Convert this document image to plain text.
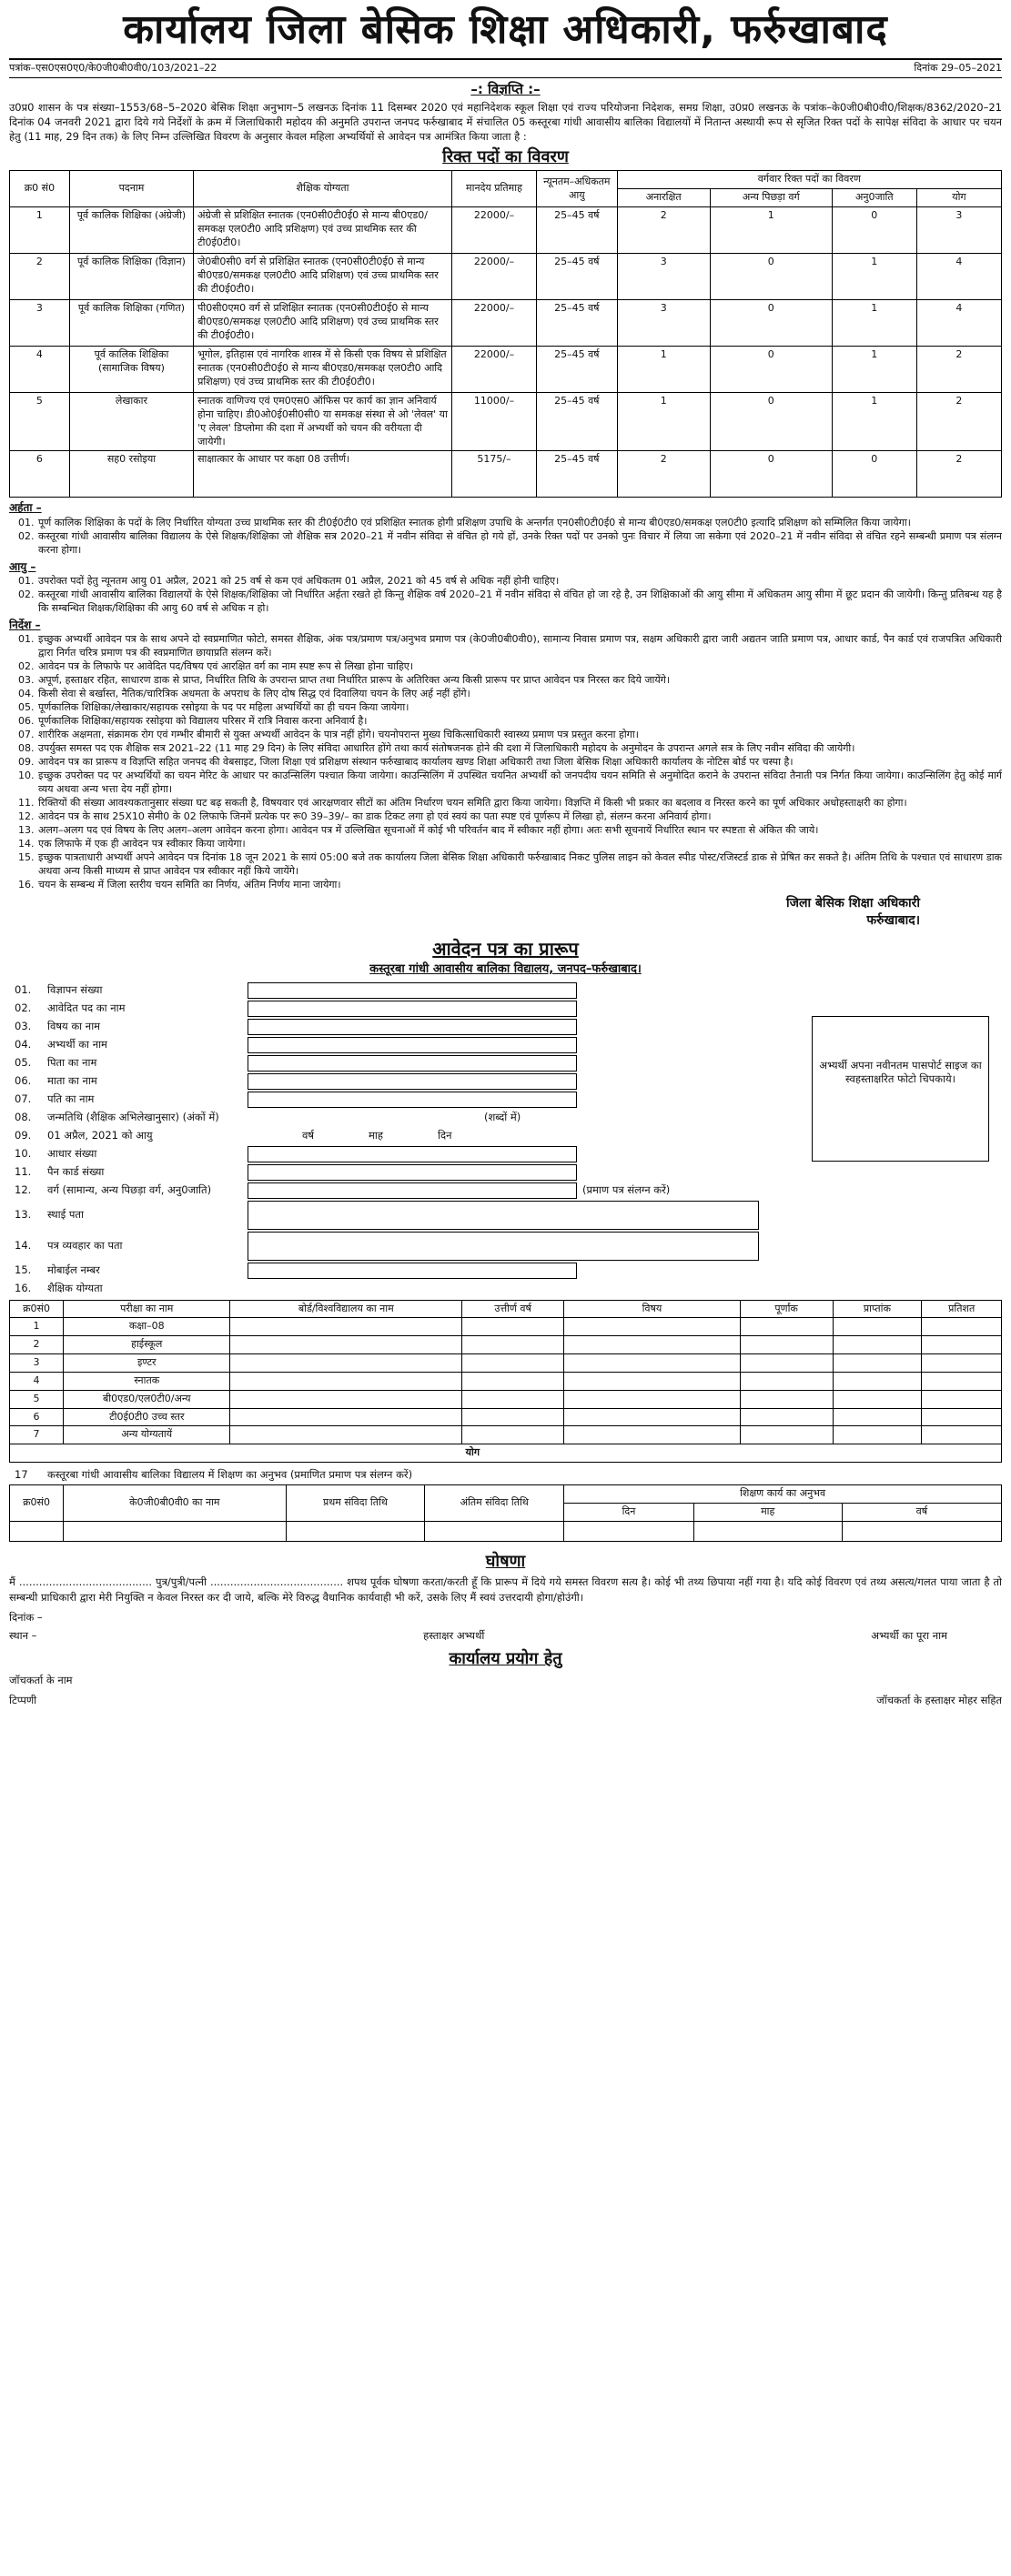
कार्यालय जिला बेसिक शिक्षा अधिकारी, फर्रुखाबाद
पत्रांक–एस0एस0ए0/के0जी0बी0वी0/103/2021–22	दिनांक 29–05–2021
–: विज्ञप्ति :–

उ0प्र0 शासन के पत्र संख्या–1553/68–5–2020 बेसिक शिक्षा अनुभाग–5 लखनऊ दिनांक 11 दिसम्बर 2020 एवं महानिदेशक स्कूल शिक्षा एवं राज्य परियोजना निदेशक, समग्र शिक्षा, उ0प्र0 लखनऊ के पत्रांक–के0जी0बी0वी0/शिक्षक/8362/2020–21 दिनांक 04 जनवरी 2021 द्वारा दिये गये निर्देशों के क्रम में जिलाधिकारी महोदय की अनुमति उपरान्त जनपद फर्रुखाबाद में संचालित 05 कस्तूरबा गांधी आवासीय बालिका विद्यालयों में नितान्त अस्थायी रूप से सृजित रिक्त पदों के सापेक्ष संविदा के आधार पर चयन हेतु (11 माह, 29 दिन तक) के लिए निम्न उल्लिखित विवरण के अनुसार केवल महिला अभ्यर्थियों से आवेदन पत्र आमंत्रित किया जाता है :

रिक्त पदों का विवरण
क्र0 सं0	पदनाम	शैक्षिक योग्यता	मानदेय प्रतिमाह	न्यूनतम–अधिकतम आयु	वर्गवार रिक्त पदों का विवरण			
					अनारक्षित	अन्य पिछड़ा वर्ग	अनु0जाति	योग
1	पूर्व कालिक शिक्षिका (अंग्रेजी)	अंग्रेजी से प्रशिक्षित स्नातक (एन0सी0टी0ई0 से मान्य बी0एड0/समकक्ष एल0टी0 आदि प्रशिक्षण) एवं उच्च प्राथमिक स्तर की टी0ई0टी0।	22000/–	25–45 वर्ष	2	1	0	3
2	पूर्व कालिक शिक्षिका (विज्ञान)	जे0बी0सी0 वर्ग से प्रशिक्षित स्नातक (एन0सी0टी0ई0 से मान्य बी0एड0/समकक्ष एल0टी0 आदि प्रशिक्षण) एवं उच्च प्राथमिक स्तर की टी0ई0टी0।	22000/–	25–45 वर्ष	3	0	1	4
3	पूर्व कालिक शिक्षिका (गणित)	पी0सी0एम0 वर्ग से प्रशिक्षित स्नातक (एन0सी0टी0ई0 से मान्य बी0एड0/समकक्ष एल0टी0 आदि प्रशिक्षण) एवं उच्च प्राथमिक स्तर की टी0ई0टी0।	22000/–	25–45 वर्ष	3	0	1	4
4	पूर्व कालिक शिक्षिका (सामाजिक विषय)	भूगोल, इतिहास एवं नागरिक शास्त्र में से किसी एक विषय से प्रशिक्षित स्नातक (एन0सी0टी0ई0 से मान्य बी0एड0/समकक्ष एल0टी0 आदि प्रशिक्षण) एवं उच्च प्राथमिक स्तर की टी0ई0टी0।	22000/–	25–45 वर्ष	1	0	1	2
5	लेखाकार	स्नातक वाणिज्य एवं एम0एस0 ऑफिस पर कार्य का ज्ञान अनिवार्य होना चाहिए। डी0ओ0ई0सी0सी0 या समकक्ष संस्था से ओ 'लेवल' या 'ए लेवल' डिप्लोमा की दशा में अभ्यर्थी को चयन की वरीयता दी जायेगी।	11000/–	25–45 वर्ष	1	0	1	2
6	सह0 रसोइया	साक्षात्कार के आधार पर कक्षा 08 उत्तीर्ण।	5175/–	25–45 वर्ष	2	0	0	2
अर्हता –
01. पूर्ण कालिक शिक्षिका के पदों के लिए निर्धारित योग्यता उच्च प्राथमिक स्तर की टी0ई0टी0 एवं प्रशिक्षित स्नातक होगी प्रशिक्षण उपाधि के अन्तर्गत एन0सी0टी0ई0 से मान्य बी0एड0/समकक्ष एल0टी0 इत्यादि प्रशिक्षण को सम्मिलित किया जायेगा।
02. कस्तूरबा गांधी आवासीय बालिका विद्यालय के ऐसे शिक्षक/शिक्षिका जो शैक्षिक सत्र 2020–21 में नवीन संविदा से वंचित हो गये हों, उनके रिक्त पदों पर उनको पुनः विचार में लिया जा सकेगा एवं 2020–21 में नवीन संविदा से वंचित रहने सम्बन्धी प्रमाण पत्र संलग्न करना होगा।
आयु –
01. उपरोक्त पदों हेतु न्यूनतम आयु 01 अप्रैल, 2021 को 25 वर्ष से कम एवं अधिकतम 01 अप्रैल, 2021 को 45 वर्ष से अधिक नहीं होनी चाहिए।
02. कस्तूरबा गांधी आवासीय बालिका विद्यालयों के ऐसे शिक्षक/शिक्षिका जो निर्धारित अर्हता रखते हो किन्तु शैक्षिक वर्ष 2020–21 में नवीन संविदा से वंचित हो जा रहे है, उन शिक्षिकाओं की आयु सीमा में अधिकतम आयु सीमा में छूट प्रदान की जायेगी। किन्तु प्रतिबन्ध यह है कि सम्बन्धित शिक्षक/शिक्षिका की आयु 60 वर्ष से अधिक न हो।
निर्देश –
01. इच्छुक अभ्यर्थी आवेदन पत्र के साथ अपने दो स्वप्रमाणित फोटो, समस्त शैक्षिक, अंक पत्र/प्रमाण पत्र/अनुभव प्रमाण पत्र (के0जी0बी0वी0), सामान्य निवास प्रमाण पत्र, सक्षम अधिकारी द्वारा जारी अद्यतन जाति प्रमाण पत्र, आधार कार्ड, पैन कार्ड एवं राजपत्रित अधिकारी द्वारा निर्गत चरित्र प्रमाण पत्र की स्वप्रमाणित छायाप्रति संलग्न करें।
02. आवेदन पत्र के लिफाफे पर आवेदित पद/विषय एवं आरक्षित वर्ग का नाम स्पष्ट रूप से लिखा होना चाहिए।
03. अपूर्ण, हस्ताक्षर रहित, साधारण डाक से प्राप्त, निर्धारित तिथि के उपरान्त प्राप्त तथा निर्धारित प्रारूप के अतिरिक्त अन्य किसी प्रारूप पर प्राप्त आवेदन पत्र निरस्त कर दिये जायेंगे।
04. किसी सेवा से बर्खास्त, नैतिक/चारित्रिक अधमता के अपराध के लिए दोष सिद्ध एवं दिवालिया चयन के लिए अर्ह नहीं होंगे।
05. पूर्णकालिक शिक्षिका/लेखाकार/सहायक रसोइया के पद पर महिला अभ्यर्थियों का ही चयन किया जायेगा।
06. पूर्णकालिक शिक्षिका/सहायक रसोइया को विद्यालय परिसर में रात्रि निवास करना अनिवार्य है।
07. शारीरिक अक्षमता, संक्रामक रोग एवं गम्भीर बीमारी से युक्त अभ्यर्थी आवेदन के पात्र नहीं होंगे। चयनोपरान्त मुख्य चिकित्साधिकारी स्वास्थ्य प्रमाण पत्र प्रस्तुत करना होगा।
08. उपर्युक्त समस्त पद एक शैक्षिक सत्र 2021–22 (11 माह 29 दिन) के लिए संविदा आधारित होंगे तथा कार्य संतोषजनक होने की दशा में जिलाधिकारी महोदय के अनुमोदन के उपरान्त अगले सत्र के लिए नवीन संविदा की जायेगी।
09. आवेदन पत्र का प्रारूप व विज्ञप्ति सहित जनपद की वेबसाइट, जिला शिक्षा एवं प्रशिक्षण संस्थान फर्रुखाबाद कार्यालय खण्ड शिक्षा अधिकारी तथा जिला बेसिक शिक्षा अधिकारी कार्यालय के नोटिस बोर्ड पर चस्पा है।
10. इच्छुक उपरोक्त पद पर अभ्यर्थियों का चयन मेरिट के आधार पर काउन्सिलिंग पश्चात किया जायेगा। काउन्सिलिंग में उपस्थित चयनित अभ्यर्थी को जनपदीय चयन समिति से अनुमोदित कराने के उपरान्त संविदा तैनाती पत्र निर्गत किया जायेगा। काउन्सिलिंग हेतु कोई मार्ग व्यय अथवा अन्य भत्ता देय नहीं होगा।
11. रिक्तियों की संख्या आवश्यकतानुसार संख्या घट बढ़ सकती है, विषयवार एवं आरक्षणवार सीटों का अंतिम निर्धारण चयन समिति द्वारा किया जायेगा। विज्ञप्ति में किसी भी प्रकार का बदलाव व निरस्त करने का पूर्ण अधिकार अधोहस्ताक्षरी का होगा।
12. आवेदन पत्र के साथ 25X10 सेमी0 के 02 लिफाफे जिनमें प्रत्येक पर रू0 39–39/– का डाक टिकट लगा हो एवं स्वयं का पता स्पष्ट एवं पूर्णरूप में लिखा हो, संलग्न करना अनिवार्य होगा।
13. अलग–अलग पद एवं विषय के लिए अलग–अलग आवेदन करना होगा। आवेदन पत्र में उल्लिखित सूचनाओं में कोई भी परिवर्तन बाद में स्वीकार नहीं होगा। अतः सभी सूचनायें निर्धारित स्थान पर स्पष्टता से अंकित की जाये।
14. एक लिफाफे में एक ही आवेदन पत्र स्वीकार किया जायेगा।
15. इच्छुक पात्रताधारी अभ्यर्थी अपने आवेदन पत्र दिनांक 18 जून 2021 के सायं 05:00 बजे तक कार्यालय जिला बेसिक शिक्षा अधिकारी फर्रुखाबाद निकट पुलिस लाइन को केवल स्पीड पोस्ट/रजिस्टर्ड डाक से प्रेषित कर सकते है। अंतिम तिथि के पश्चात एवं साधारण डाक अथवा अन्य किसी माध्यम से प्राप्त आवेदन पत्र स्वीकार नहीं किये जायेंगे।
16. चयन के सम्बन्ध में जिला स्तरीय चयन समिति का निर्णय, अंतिम निर्णय माना जायेगा।
जिला बेसिक शिक्षा अधिकारी
फर्रुखाबाद।
आवेदन पत्र का प्रारूप
कस्तूरबा गांधी आवासीय बालिका विद्यालय, जनपद–फर्रुखाबाद।
अभ्यर्थी अपना नवीनतम पासपोर्ट साइज का स्वहस्ताक्षरित फोटो चिपकाये।
01.	विज्ञापन संख्या
02.	आवेदित पद का नाम
03.	विषय का नाम
04.	अभ्यर्थी का नाम
05.	पिता का नाम
06.	माता का नाम
07.	पति का नाम
08.	जन्मतिथि (शैक्षिक अभिलेखानुसार) (अंकों में)	(शब्दों में)
09.	01 अप्रैल, 2021 को आयु	वर्ष	माह	दिन
10.	आधार संख्या
11.	पैन कार्ड संख्या
12.	वर्ग (सामान्य, अन्य पिछड़ा वर्ग, अनु0जाति)	(प्रमाण पत्र संलग्न करें)
13.	स्थाई पता
14.	पत्र व्यवहार का पता
15.	मोबाईल नम्बर
16.	शैक्षिक योग्यता
क्र0सं0	परीक्षा का नाम	बोर्ड/विश्वविद्यालय का नाम	उत्तीर्ण वर्ष	विषय	पूर्णांक	प्राप्तांक	प्रतिशत
1	कक्षा–08						
2	हाईस्कूल						
3	इण्टर						
4	स्नातक						
5	बी0एड0/एल0टी0/अन्य						
6	टी0ई0टी0 उच्च स्तर						
7	अन्य योग्यतायें						
			योग				
17	कस्तूरबा गांधी आवासीय बालिका विद्यालय में शिक्षण का अनुभव (प्रमाणित प्रमाण पत्र संलग्न करें)
क्र0सं0	के0जी0बी0वी0 का नाम	प्रथम संविदा तिथि	अंतिम संविदा तिथि	शिक्षण कार्य का अनुभव		
				दिन	माह	वर्ष

घोषणा

मैं ........................................ पुत्र/पुत्री/पत्नी ........................................ शपथ पूर्वक घोषणा करता/करती हूँ कि प्रारूप में दिये गये समस्त विवरण सत्य है। कोई भी तथ्य छिपाया नहीं गया है। यदि कोई विवरण एवं तथ्य असत्य/गलत पाया जाता है तो सम्बन्धी प्राधिकारी द्वारा मेरी नियुक्ति न केवल निरस्त कर दी जाये, बल्कि मेरे विरुद्ध वैधानिक कार्यवाही भी करें, उसके लिए मैं स्वयं उत्तरदायी होगा/होउंगी।

दिनांक –
स्थान –	हस्ताक्षर अभ्यर्थी	अभ्यर्थी का पूरा नाम
कार्यालय प्रयोग हेतु
जॉचकर्ता के नाम
टिप्पणी	जॉचकर्ता के हस्ताक्षर मोहर सहित
